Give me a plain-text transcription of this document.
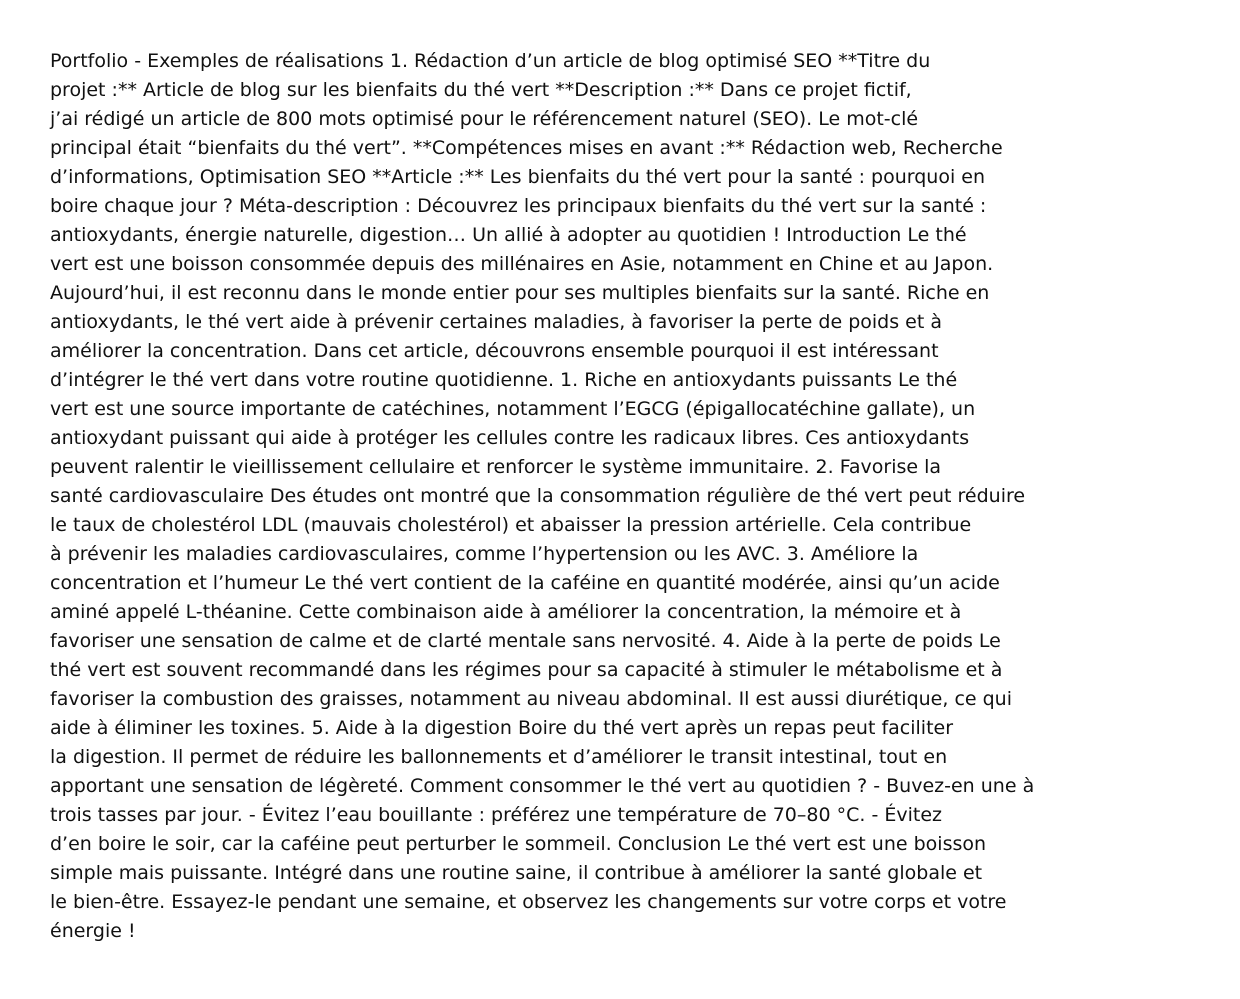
Portfolio - Exemples de réalisations 1. Rédaction d’un article de blog optimisé SEO **Titre du
projet :** Article de blog sur les bienfaits du thé vert **Description :** Dans ce projet fictif,
j’ai rédigé un article de 800 mots optimisé pour le référencement naturel (SEO). Le mot-clé
principal était “bienfaits du thé vert”. **Compétences mises en avant :** Rédaction web, Recherche
d’informations, Optimisation SEO **Article :** Les bienfaits du thé vert pour la santé : pourquoi en
boire chaque jour ? Méta-description : Découvrez les principaux bienfaits du thé vert sur la santé :
antioxydants, énergie naturelle, digestion… Un allié à adopter au quotidien ! Introduction Le thé
vert est une boisson consommée depuis des millénaires en Asie, notamment en Chine et au Japon.
Aujourd’hui, il est reconnu dans le monde entier pour ses multiples bienfaits sur la santé. Riche en
antioxydants, le thé vert aide à prévenir certaines maladies, à favoriser la perte de poids et à
améliorer la concentration. Dans cet article, découvrons ensemble pourquoi il est intéressant
d’intégrer le thé vert dans votre routine quotidienne. 1. Riche en antioxydants puissants Le thé
vert est une source importante de catéchines, notamment l’EGCG (épigallocatéchine gallate), un
antioxydant puissant qui aide à protéger les cellules contre les radicaux libres. Ces antioxydants
peuvent ralentir le vieillissement cellulaire et renforcer le système immunitaire. 2. Favorise la
santé cardiovasculaire Des études ont montré que la consommation régulière de thé vert peut réduire
le taux de cholestérol LDL (mauvais cholestérol) et abaisser la pression artérielle. Cela contribue
à prévenir les maladies cardiovasculaires, comme l’hypertension ou les AVC. 3. Améliore la
concentration et l’humeur Le thé vert contient de la caféine en quantité modérée, ainsi qu’un acide
aminé appelé L-théanine. Cette combinaison aide à améliorer la concentration, la mémoire et à
favoriser une sensation de calme et de clarté mentale sans nervosité. 4. Aide à la perte de poids Le
thé vert est souvent recommandé dans les régimes pour sa capacité à stimuler le métabolisme et à
favoriser la combustion des graisses, notamment au niveau abdominal. Il est aussi diurétique, ce qui
aide à éliminer les toxines. 5. Aide à la digestion Boire du thé vert après un repas peut faciliter
la digestion. Il permet de réduire les ballonnements et d’améliorer le transit intestinal, tout en
apportant une sensation de légèreté. Comment consommer le thé vert au quotidien ? - Buvez-en une à
trois tasses par jour. - Évitez l’eau bouillante : préférez une température de 70–80 °C. - Évitez
d’en boire le soir, car la caféine peut perturber le sommeil. Conclusion Le thé vert est une boisson
simple mais puissante. Intégré dans une routine saine, il contribue à améliorer la santé globale et
le bien-être. Essayez-le pendant une semaine, et observez les changements sur votre corps et votre
énergie !
